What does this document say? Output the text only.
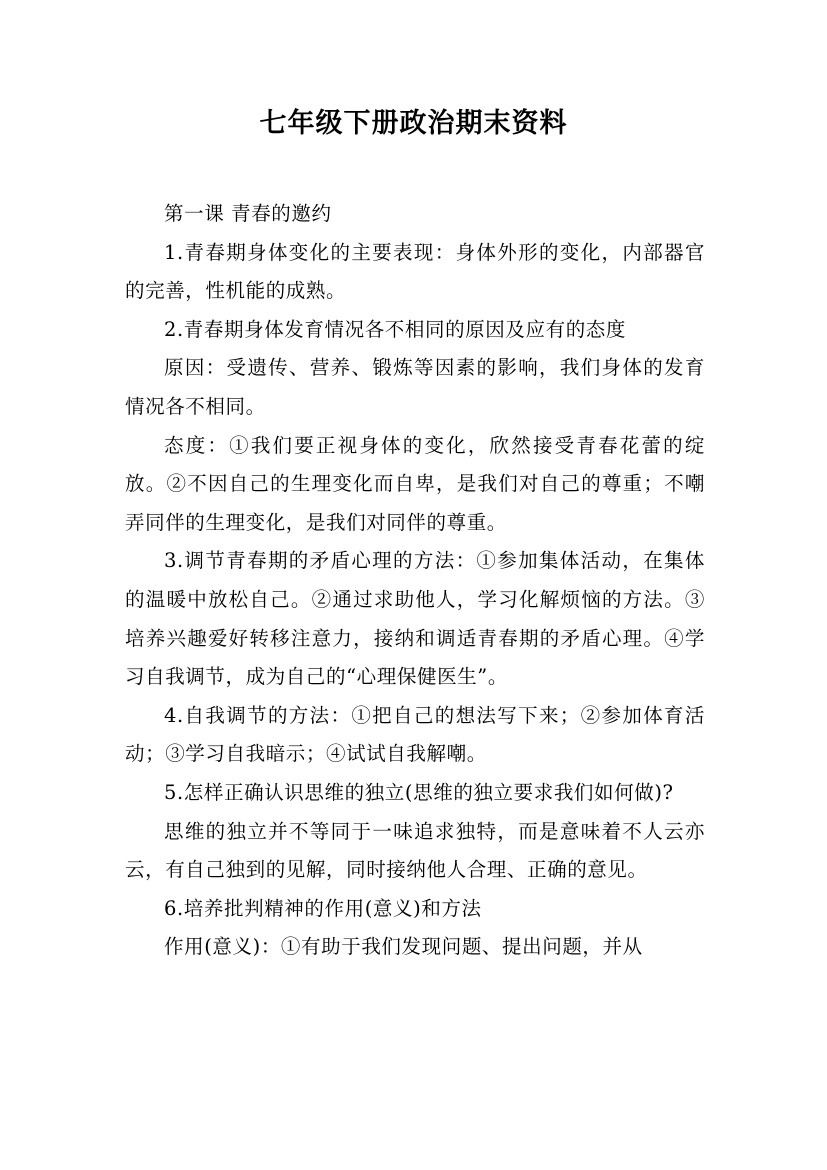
七年级下册政治期末资料

第一课 青春的邀约

1.青春期身体变化的主要表现：身体外形的变化，内部器官的完善，性机能的成熟。

2.青春期身体发育情况各不相同的原因及应有的态度

原因：受遗传、营养、锻炼等因素的影响，我们身体的发育情况各不相同。

态度：①我们要正视身体的变化，欣然接受青春花蕾的绽放。②不因自己的生理变化而自卑，是我们对自己的尊重；不嘲弄同伴的生理变化，是我们对同伴的尊重。

3.调节青春期的矛盾心理的方法：①参加集体活动，在集体的温暖中放松自己。②通过求助他人，学习化解烦恼的方法。③培养兴趣爱好转移注意力，接纳和调适青春期的矛盾心理。④学习自我调节，成为自己的“心理保健医生”。

4.自我调节的方法：①把自己的想法写下来；②参加体育活动；③学习自我暗示；④试试自我解嘲。

5.怎样正确认识思维的独立(思维的独立要求我们如何做)?

思维的独立并不等同于一味追求独特，而是意味着不人云亦云，有自己独到的见解，同时接纳他人合理、正确的意见。

6.培养批判精神的作用(意义)和方法

作用(意义)：①有助于我们发现问题、提出问题，并从
